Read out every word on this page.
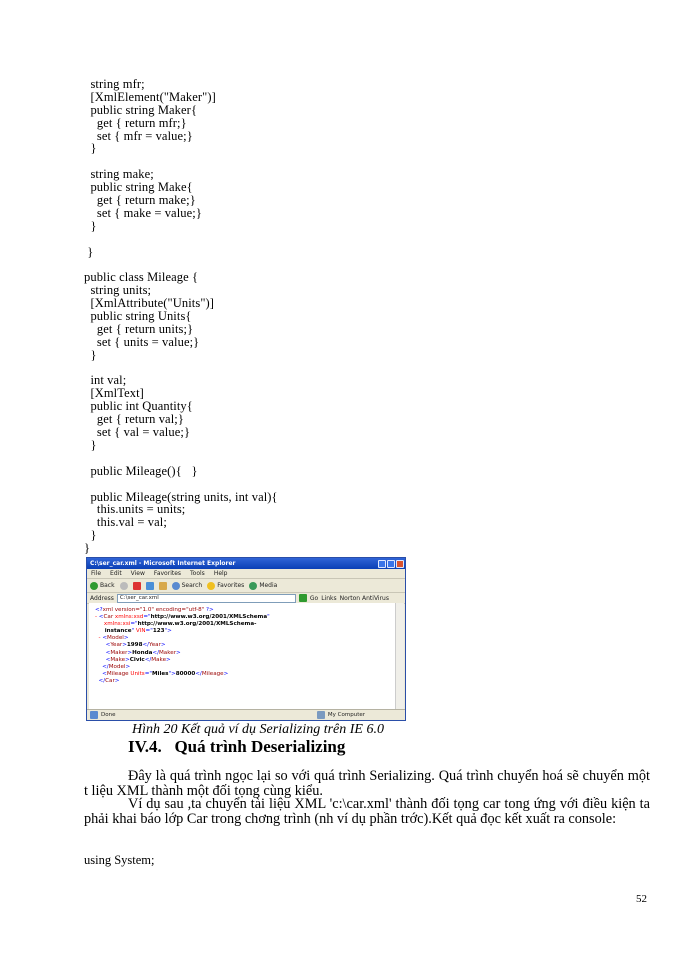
string mfr;
[XmlElement("Maker")]
public string Maker{
get { return mfr;}
set { mfr = value;}
}
string make;
public string Make{
get { return make;}
set { make = value;}
}
}
public class Mileage {
string units;
[XmlAttribute("Units")]
public string Units{
get { return units;}
set { units = value;}
}
int val;
[XmlText]
public int Quantity{
get { return val;}
set { val = value;}
}
public Mileage(){   }
public Mileage(string units, int val){
this.units = units;
this.val = val;
}
}
C:\ser_car.xml - Microsoft Internet Explorer
File Edit View Favorites Tools Help
Back	Search	Favorites	Media
Address	C:\ser_car.xml	Go Links Norton AntiVirus
<?xml version="1.0" encoding="utf-8" ?>
- <Car xmlns:xsd="http://www.w3.org/2001/XMLSchema"
xmlns:xsi="http://www.w3.org/2001/XMLSchema-
instance" VIN="123">
- <Model>
<Year>1998</Year>
<Maker>Honda</Maker>
<Make>Civic</Make>
</Model>
<Mileage Units="Miles">80000</Mileage>
</Car>
Done	My Computer
Hình 20 Kết quả ví dụ Serializing trên IE 6.0
IV.4.   Quá trình Deserializing
Đây là quá trình ngọc lại so với quá trình Serializing. Quá trình chuyển hoá sẽ chuyển một t liệu XML thành một đối tọng cùng kiểu.
Ví dụ sau ,ta chuyển tài liệu XML 'c:\car.xml' thành đối tọng car tong ứng với điều kiện ta phải khai báo lớp Car trong chơng trình (nh ví dụ phần trớc).Kết quả đọc kết xuất ra console:
using System;
52
